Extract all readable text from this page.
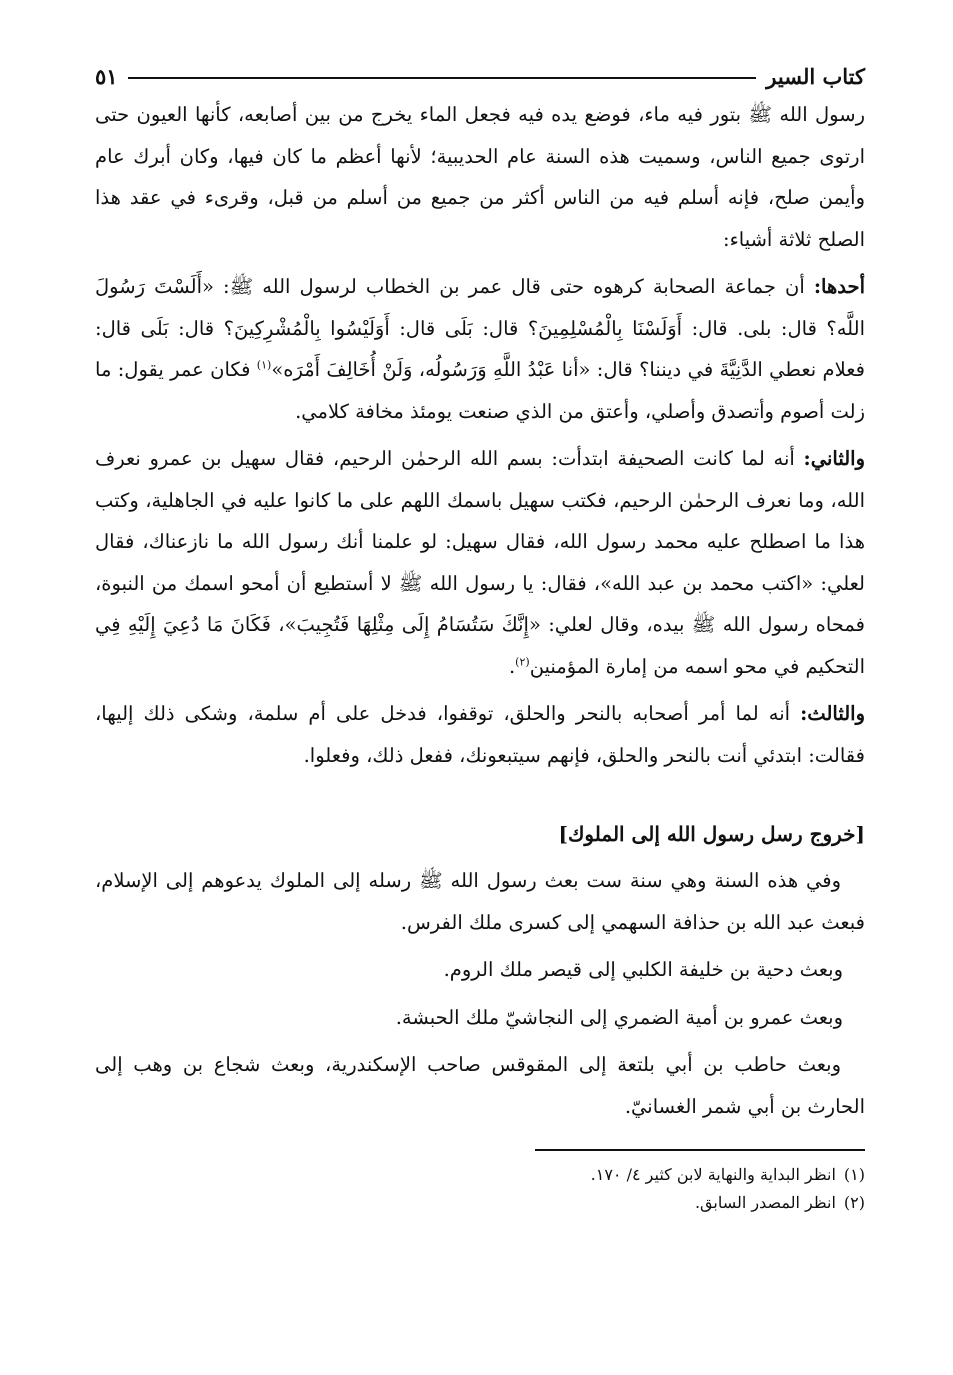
كتاب السير
٥١

رسول الله ﷺ بتور فيه ماء، فوضع يده فيه فجعل الماء يخرج من بين أصابعه، كأنها العيون حتى ارتوى جميع الناس، وسميت هذه السنة عام الحديبية؛ لأنها أعظم ما كان فيها، وكان أبرك عام وأيمن صلح، فإنه أسلم فيه من الناس أكثر من جميع من أسلم من قبل، وقرىء في عقد هذا الصلح ثلاثة أشياء:

أحدها: أن جماعة الصحابة كرهوه حتى قال عمر بن الخطاب لرسول الله ﷺ: «أَلَسْتَ رَسُولَ اللَّه؟ قال: بلى. قال: أَوَلَسْنَا بِالْمُسْلِمِينَ؟ قال: بَلَى قال: أَوَلَيْسُوا بِالْمُشْرِكِينَ؟ قال: بَلَى قال: فعلام نعطي الدَّنِيَّةَ في ديننا؟ قال: «أنا عَبْدُ اللَّهِ وَرَسُولُه، وَلَنْ أُخَالِفَ أَمْرَه»$^{(١)}$ فكان عمر يقول: ما زلت أصوم وأتصدق وأصلي، وأعتق من الذي صنعت يومئذ مخافة كلامي.

والثاني: أنه لما كانت الصحيفة ابتدأت: بسم الله الرحمٰن الرحيم، فقال سهيل بن عمرو نعرف الله، وما نعرف الرحمٰن الرحيم، فكتب سهيل باسمك اللهم على ما كانوا عليه في الجاهلية، وكتب هذا ما اصطلح عليه محمد رسول الله، فقال سهيل: لو علمنا أنك رسول الله ما نازعناك، فقال لعلي: «اكتب محمد بن عبد الله»، فقال: يا رسول الله ﷺ لا أستطيع أن أمحو اسمك من النبوة، فمحاه رسول الله ﷺ بيده، وقال لعلي: «إِنَّكَ سَتُسَامُ إِلَى مِثْلِهَا فَتُجِيبَ»، فَكَانَ مَا دُعِيَ إِلَيْهِ فِي التحكيم في محو اسمه من إمارة المؤمنين$^{(٢)}$.

والثالث: أنه لما أمر أصحابه بالنحر والحلق، توقفوا، فدخل على أم سلمة، وشكى ذلك إليها، فقالت: ابتدئي أنت بالنحر والحلق، فإنهم سيتبعونك، ففعل ذلك، وفعلوا.

[خروج رسل رسول الله إلى الملوك]

وفي هذه السنة وهي سنة ست بعث رسول الله ﷺ رسله إلى الملوك يدعوهم إلى الإسلام، فبعث عبد الله بن حذافة السهمي إلى كسرى ملك الفرس.

وبعث دحية بن خليفة الكلبي إلى قيصر ملك الروم.

وبعث عمرو بن أمية الضمري إلى النجاشيّ ملك الحبشة.

وبعث حاطب بن أبي بلتعة إلى المقوقس صاحب الإسكندرية، وبعث شجاع بن وهب إلى الحارث بن أبي شمر الغسانيّ.

(١)
انظر البداية والنهاية لابن كثير ٤/ ١٧٠.
(٢)
انظر المصدر السابق.
